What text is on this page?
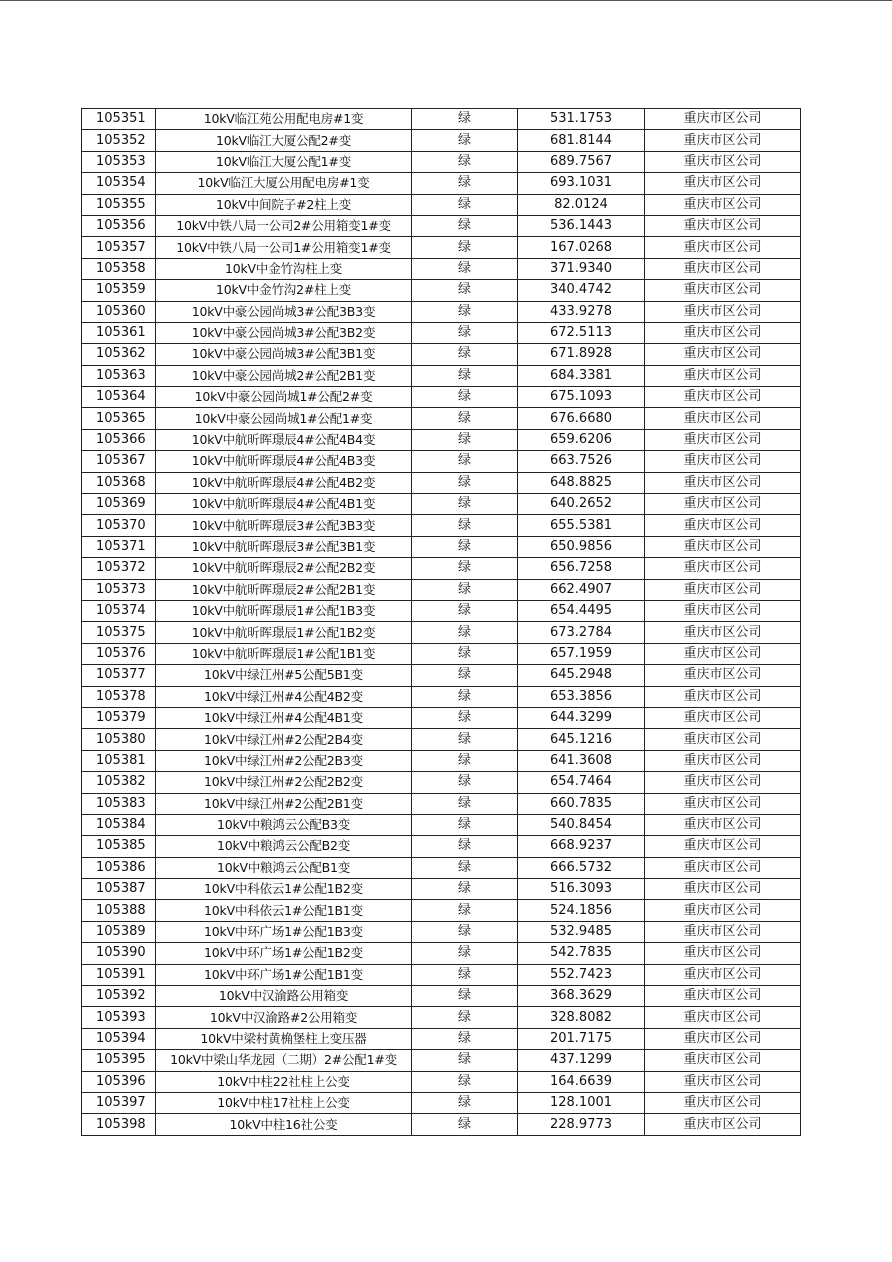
105351	10kV临江苑公用配电房#1变	绿	531.1753	重庆市区公司
105352	10kV临江大厦公配2#变	绿	681.8144	重庆市区公司
105353	10kV临江大厦公配1#变	绿	689.7567	重庆市区公司
105354	10kV临江大厦公用配电房#1变	绿	693.1031	重庆市区公司
105355	10kV中间院子#2柱上变	绿	82.0124	重庆市区公司
105356	10kV中铁八局一公司2#公用箱变1#变	绿	536.1443	重庆市区公司
105357	10kV中铁八局一公司1#公用箱变1#变	绿	167.0268	重庆市区公司
105358	10kV中金竹沟柱上变	绿	371.9340	重庆市区公司
105359	10kV中金竹沟2#柱上变	绿	340.4742	重庆市区公司
105360	10kV中豪公园尚城3#公配3B3变	绿	433.9278	重庆市区公司
105361	10kV中豪公园尚城3#公配3B2变	绿	672.5113	重庆市区公司
105362	10kV中豪公园尚城3#公配3B1变	绿	671.8928	重庆市区公司
105363	10kV中豪公园尚城2#公配2B1变	绿	684.3381	重庆市区公司
105364	10kV中豪公园尚城1#公配2#变	绿	675.1093	重庆市区公司
105365	10kV中豪公园尚城1#公配1#变	绿	676.6680	重庆市区公司
105366	10kV中航昕晖璟辰4#公配4B4变	绿	659.6206	重庆市区公司
105367	10kV中航昕晖璟辰4#公配4B3变	绿	663.7526	重庆市区公司
105368	10kV中航昕晖璟辰4#公配4B2变	绿	648.8825	重庆市区公司
105369	10kV中航昕晖璟辰4#公配4B1变	绿	640.2652	重庆市区公司
105370	10kV中航昕晖璟辰3#公配3B3变	绿	655.5381	重庆市区公司
105371	10kV中航昕晖璟辰3#公配3B1变	绿	650.9856	重庆市区公司
105372	10kV中航昕晖璟辰2#公配2B2变	绿	656.7258	重庆市区公司
105373	10kV中航昕晖璟辰2#公配2B1变	绿	662.4907	重庆市区公司
105374	10kV中航昕晖璟辰1#公配1B3变	绿	654.4495	重庆市区公司
105375	10kV中航昕晖璟辰1#公配1B2变	绿	673.2784	重庆市区公司
105376	10kV中航昕晖璟辰1#公配1B1变	绿	657.1959	重庆市区公司
105377	10kV中绿江州#5公配5B1变	绿	645.2948	重庆市区公司
105378	10kV中绿江州#4公配4B2变	绿	653.3856	重庆市区公司
105379	10kV中绿江州#4公配4B1变	绿	644.3299	重庆市区公司
105380	10kV中绿江州#2公配2B4变	绿	645.1216	重庆市区公司
105381	10kV中绿江州#2公配2B3变	绿	641.3608	重庆市区公司
105382	10kV中绿江州#2公配2B2变	绿	654.7464	重庆市区公司
105383	10kV中绿江州#2公配2B1变	绿	660.7835	重庆市区公司
105384	10kV中粮鸿云公配B3变	绿	540.8454	重庆市区公司
105385	10kV中粮鸿云公配B2变	绿	668.9237	重庆市区公司
105386	10kV中粮鸿云公配B1变	绿	666.5732	重庆市区公司
105387	10kV中科依云1#公配1B2变	绿	516.3093	重庆市区公司
105388	10kV中科依云1#公配1B1变	绿	524.1856	重庆市区公司
105389	10kV中环广场1#公配1B3变	绿	532.9485	重庆市区公司
105390	10kV中环广场1#公配1B2变	绿	542.7835	重庆市区公司
105391	10kV中环广场1#公配1B1变	绿	552.7423	重庆市区公司
105392	10kV中汉渝路公用箱变	绿	368.3629	重庆市区公司
105393	10kV中汉渝路#2公用箱变	绿	328.8082	重庆市区公司
105394	10kV中梁村黄桷堡柱上变压器	绿	201.7175	重庆市区公司
105395	10kV中梁山华龙园（二期）2#公配1#变	绿	437.1299	重庆市区公司
105396	10kV中柱22社柱上公变	绿	164.6639	重庆市区公司
105397	10kV中柱17社柱上公变	绿	128.1001	重庆市区公司
105398	10kV中柱16社公变	绿	228.9773	重庆市区公司
